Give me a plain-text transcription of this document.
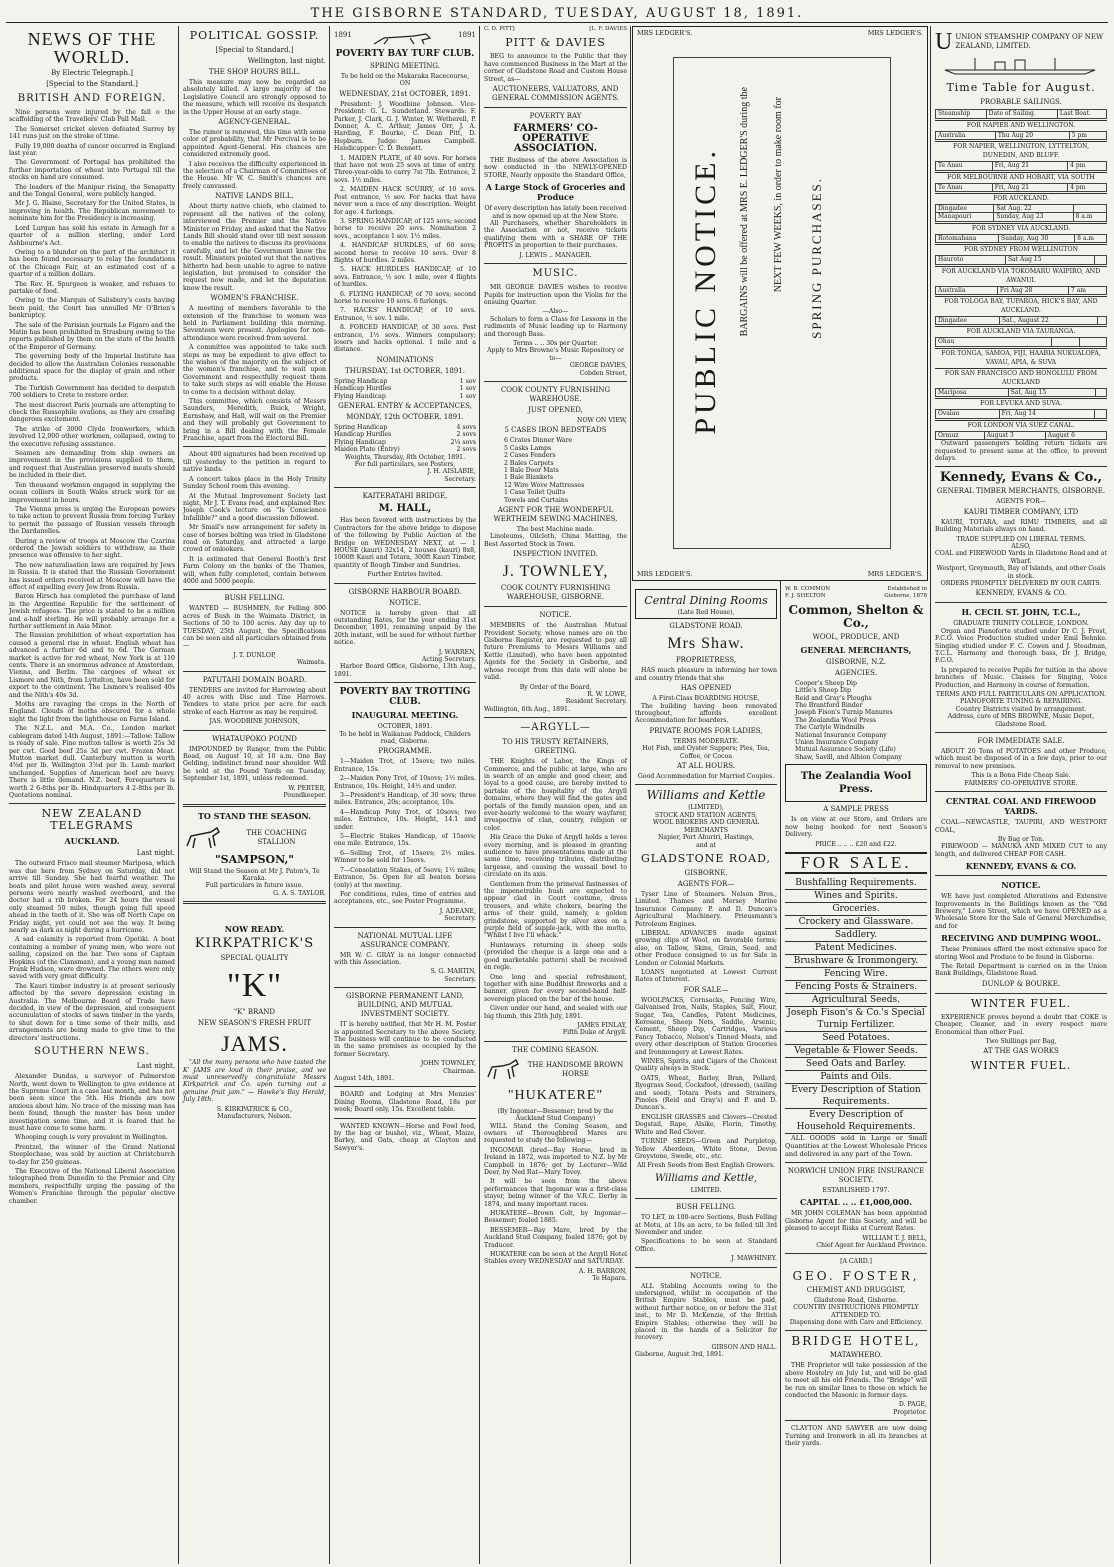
THE GISBORNE STANDARD, TUESDAY, AUGUST 18, 1891.
NEWS OF THE WORLD.
By Electric Telegraph.]
[Special to the Standard.]
BRITISH AND FOREIGN.

Nine persons were injured by the fall o the scaffolding of the Travellers' Club Pall Mall.

The Somerset cricket eleven defeated Surrey by 141 runs just on the stroke of time.

Fully 19,000 deaths of cancer occurred in England last year.

The Government of Portugal has prohibited the further importation of wheat into Portugal till the stocks on hand are consumed.

The leaders of the Manipur rising, the Senapatty and the Tongal General, were publicly hanged.

Mr J. G. Blaine, Secretary for the United States, is improving in health. The Republican movement to nominate him for the Presidency is increasing.

Lord Lurgan has sold his estate in Armagh for a quarter of a million sterling, under Lord Ashbourne's Act.

Owing to a blunder on the part of the architect it has been found necessary to relay the foundations of the Chicago Fair, at an estimated cost of a quarter of a million dollars.

The Rev. H. Spurgeon is weaker, and refuses to partake of food.

Owing to the Marquis of Salisbury's costs having been paid, the Court has annulled Mr O'Brien's bankruptcy.

The sale of the Parisian journals Le Figaro and the Matin has been prohibited in Strasburg owing to the reports published by them on the state of the health of the Emperor of Germany.

The governing body of the Imperial Institute has decided to allow the Australian Colonies reasonable additional space for the display of grain and other products.

The Turkish Government has decided to despatch 700 soldiers to Crete to restore order.

The most discreet Paris journals are attempting to check the Russophile ovations, as they are creating dangerous excitement.

The strike of 3000 Clyde Ironworkers, which involved 12,000 other workmen, collapsed, owing to the executive refusing assistance.

Seamen are demanding from ship owners an improvement in the provisions supplied to them, and request that Australian preserved meats should be included in their diet.

Ten thousand workmen engaged in supplying the ocean colliers in South Wales struck work for an improvement in hours.

The Vienna press is urging the European powers to take action to prevent Russia from forcing Turkey to permit the passage of Russian vessels through the Dardanelles.

During a review of troops at Moscow the Czarina ordered the Jewish soldiers to withdraw, as their presence was offensive to her sight.

The new naturalisation laws are required by Jews in Russia. It is stated that the Russian Government has issued orders received at Moscow will have the effect of expelling every Jew from Russia.

Baron Hirsch has completed the purchase of land in the Argentine Republic for the settlement of Jewish refugees. The price is stated to be a million and a-half sterling. He will probably arrange for a further settlement in Asia Minor.

The Russian prohibition of wheat exportation has caused a general rise in wheat. English wheat has advanced a further 6d and to 6d. The German market is active for red wheat, New York is at 110 cents. There is an enormous advance at Amsterdam, Vienna, and Berlin. The cargoes of wheat ex Lismore and Nith, from Lyttelton, have been sold for export to the continent. The Lismore's realised 40s and the Nith's 40s 3d.

Moths are ravaging the crops in the North of England. Clouds of moths obscured for a whole night the light from the lighthouse on Farne Island.

The N.Z.L. and M.A. Co., London market cablegram dated 14th August, 1891:—Tallow: Tallow is ready of sale. Fine mutton tallow is worth 25s 3d per cwt. Good beef 25s 3d per cwt. Frozen Meat. Mutton market dull. Canterbury mutton is worth 4⅝d per lb. Wellington 3⅞d per lb. Lamb market unchanged. Supplies of American beef are heavy. There is little demand. N.Z. beef, Forequarters is worth 2 6-8ths per lb. Hindquarters 4 2-8ths per lb. Quotations nominal.

NEW ZEALAND TELEGRAMS
AUCKLAND.
Last night.

The outward Frisco mail steamer Mariposa, which was due here from Sydney on Saturday, did not arrive till Sunday. She had fearful weather. The boats and pilot house were washed away, several persons were nearly washed overboard, and the doctor had a rib broken. For 24 hours the vessel only steamed 50 miles, though going full speed ahead in the teeth of it. She was off North Cape on Friday night, yet could not see the way. It being nearly as dark as night during a hurricane.

A sad calamity is reported from Opotiki. A boat containing a number of young men, who were out sailing, capsized on the bar. Two sons of Captain Hopkins (of the Clansman), and a young man named Frank Hudson, were drowned. The others were only saved with very great difficulty.

The Kauri timber industry is at present seriously affected by the severe depression existing in Australia. The Melbourne Board of Trade have decided, in view of the depression, and consequent accumulation of stocks of sawn timber in the yards, to shut down for a time some of their mills, and arrangements are being made to give time to the directors' instructions.

SOUTHERN NEWS.
Last night.

Alexander Dundas, a surveyor of Palmerston North, went down to Wellington to give evidence at the Supreme Court in a case last month, and has not been seen since the 5th. His friends are now anxious about him. No trace of the missing man has been found, though the master has been under investigation some time, and it is feared that he must have come to some harm.

Whooping cough is very prevalent in Wellington.

Prentzel, the winner of the Grand National Steeplechase, was sold by auction at Christchurch to-day for 250 guineas.

The Executive of the National Liberal Association telegraphed from Dunedin to the Premier and City members, respectfully urging the passing of the Women's Franchise through the popular elective chamber.

POLITICAL GOSSIP.
[Special to Standard.]
Wellington, last night.
THE SHOP HOURS BILL.

This measure may now be regarded as absolutely killed. A large majority of the Legislative Council are strongly opposed to the measure, which will receive its despatch in the Upper House at an early stage.

AGENCY-GENERAL.

The rumor is renewed, this time with some color of probability, that Mr Percival is to be appointed Agent-General. His chances are considered extremely good.

I also receives the difficulty experienced in the selection of a Chairman of Committees of the House. Mr W. C. Smith's chances are freely canvassed.

NATIVE LANDS BILL.

About thirty native chiefs, who claimed to represent all the natives of the colony, interviewed the Premier and the Native Minister on Friday, and asked that the Native Lands Bill should stand over till next session to enable the natives to discuss its provisions carefully, and let the Government know the result. Ministers pointed out that the natives hitherto had been unable to agree to native legislation, but promised to consider the request now made, and let the deputation know the result.

WOMEN'S FRANCHISE.

A meeting of members favorable to the extension of the franchise to women was held in Parliament building this morning. Seventeen were present. Apologies for non-attendance were received from several.

A committee was appointed to take such steps as may be expedient to give effect to the wishes of the majority on the subject of the women's franchise, and to wait upon Government and respectfully request them to take such steps as will enable the House to come to a decision without delay.

This committee, which consists of Messrs Saunders, Meredith, Buick, Wright, Earnshaw, and Hall, will wait on the Premier and they will probably get Government to bring in a Bill dealing with the Female Franchise, apart from the Electoral Bill.

About 400 signatures had been received up till yesterday to the petition in regard to native lands.

A concert takes place in the Holy Trinity Sunday School room this evening.

At the Mutual Improvement Society last night, Mr J. T. Evans read, and explained Rev. Joseph Cook's lecture on "Is Conscience Infallible?" and a good discussion followed.

Mr Smail's new arrangement for safety in case of horses bolting was tried in Gladstone road on Saturday, and attracted a large crowd of onlookers.

It is estimated that General Booth's first Farm Colony on the banks of the Thames, will, when fully completed, contain between 4000 and 5000 people.

BUSH FELLING.

WANTED — BUSHMEN, for Felling 800 acres of Bush in the Waimata District, in Sections of 50 to 100 acres. Any day up to TUESDAY, 25th August, the Specifications can be seen and all particulars obtained from—

J. T. DUNLOP,
Waimata.
PATUTAHI DOMAIN BOARD.

TENDERS are invited for Harrowing about 40 acres with Disc and Tine Harrows. Tenders to state price per acre for each stroke of each Harrow as may be required.

JAS. WOODBINE JOHNSON,
WHATAUPOKO POUND

IMPOUNDED by Ranger, from the Public Road, on August 10, at 10 a.m. One Bay Gelding, indistinct brand near shoulder. Will be sold at the Pound Yards on Tuesday, September 1st, 1891, unless redeemed.

W. PERTER,
Poundkeeper.
TO STAND THE SEASON.
THE COACHING STALLION
"SAMPSON,"
Will Stand the Season at Mr J. Paton's, Te Karaka.
Full particulars in future issue.
G. A. S. TAYLOR.
NOW READY.
KIRKPATRICK'S
SPECIAL QUALITY
"K"
"K" BRAND
NEW SEASON'S FRESH FRUIT
JAMS.

"All the many persons who have tasted the K' JAMS are loud in their praise, and we must unreservedly congratulate Messrs Kirkpatrick and Co. upon turning out a genuine fruit jam." — Hawke's Bay Herald, July 18th.

S. KIRKPATRICK & CO.,
Manufacturers, Nelson.
1891	1891
POVERTY BAY TURF CLUB.
SPRING MEETING.
To be held on the Makaraka Racecourse,
ON
WEDNESDAY, 21st OCTOBER, 1891.

President: J. Woodbine Johnson. Vice-President: G. L. Sunderland. Stewards: F. Parker, J. Clark, G. J. Winter, W. Wetherell, P. Donner, A. C. Arthur, James Orr, J. A. Harding, F. Bourke, C. Dean Pitt, D. Hepburn. Judge: James Campbell. Handicapper: C. D. Bennett.

1. MAIDEN PLATE, of 40 sovs. For horses that have not won 25 sovs at time of entry. Three-year-olds to carry 7st 7lb. Entrance, 2 sovs. 1½ miles.

2. MAIDEN HACK SCURRY, of 10 sovs. Post entrance, ½ sov. For hacks that have never won a race of any description. Weight for age. 4 furlongs.

3. SPRING HANDICAP, of 125 sovs; second horse to receive 20 sovs. Nomination 2 sovs., acceptance 1 sov. 1½ miles.

4. HANDICAP HURDLES, of 60 sovs; second horse to receive 10 sovs. Over 8 flights of hurdles. 2 miles.

5. HACK HURDLES HANDICAP, of 10 sovs. Entrance, ½ sov. 1 mile, over 4 flights of hurdles.

6. FLYING HANDICAP, of 70 sovs; second horse to receive 10 sovs. 6 furlongs.

7. HACKS' HANDICAP, of 10 sovs. Entrance, ½ sov. 1 mile.

8. FORCED HANDICAP, of 30 sovs. Post entrance, 1½ sovs. Winners compulsory; losers and hacks optional. 1 mile and a distance.

NOMINATIONS
THURSDAY, 1st OCTOBER, 1891.
Spring Handicap	1 sov
Handicap Hurdles	1 sov
Flying Handicap	1 sov
GENERAL ENTRY & ACCEPTANCES,
MONDAY, 12th OCTOBER, 1891.
Spring Handicap	4 sovs
Handicap Hurdles	2 sovs
Flying Handicap	2¼ sovs
Maiden Plate (Entry)	2 sovs
Weights, Thursday, 8th October, 1891.
For full particulars, see Posters,
J. H. AISLABIE,
Secretary.
KAITERATAHI BRIDGE,
M. HALL,

Has been favored with instructions by the Contractors for the above bridge to dispose of the following by Public Auction at the Bridge on WEDNESDAY NEXT, at — 1 HOUSE (kauri) 32x14, 2 houses (kauri) 8x8, 1000ft Kauri and Totara, 300ft Kauri Timber, quantity of Rough Timber and Sundries.

Further Entries Invited.
GISBORNE HARBOUR BOARD.
NOTICE.

NOTICE is hereby given that all outstanding Rates, for the year ending 31st December, 1891, remaining unpaid by the 20th instant, will be sued for without further notice.

J. WARREN,
Acting Secretary.

Harbor Board Office, Gisborne, 13th Aug., 1891.

POVERTY BAY TROTTING CLUB.
INAUGURAL MEETING.
OCTOBER, 1891.
To be held in Waikanae Paddock, Childers road, Gisborne.
PROGRAMME.

1—Maiden Trot, of 15sovs; two miles. Entrance, 15s.

2—Maiden Pony Trot, of 10sovs; 1½ miles. Entrance, 10s. Height, 14½ and under.

3—President's Handicap, of 30 sovs; three miles. Entrance, 20s; acceptance, 10s.

4—Handicap Pony Trot, of 10sovs; two miles. Entrance, 10s. Height, 14.1 and under.

5—Electric Stakes Handicap, of 15sovs; one mile. Entrance, 15s.

6—Selling Trot, of 15sovs; 2½ miles. Winner to be sold for 15sovs.

7—Consolation Stakes, of 5sovs; 1½ miles; Entrance, 5s. Open for all beaten horses (only) at the meeting.

For conditions, rules, time of entries and acceptances, etc., see Poster Programme.

J. ADEANE,
Secretary.
NATIONAL MUTUAL LIFE ASSURANCE COMPANY.

MR W. C. GRAY is no longer connected with this Association.

S. G. MARTIN,
Secretary.
GISBORNE PERMANENT LAND, BUILDING, AND MUTUAL INVESTMENT SOCIETY.

IT is hereby notified, that Mr H. M. Foster is appointed Secretary to the above Society. The business will continue to be conducted in the same premises as occupied by the former Secretary.

JOHN TOWNLEY,
Chairman.
August 14th, 1891.

BOARD and Lodging at Mrs Menzies' Dining Rooms, Gladstone Road, 18s per week; Board only, 15s. Excellent table.

WANTED KNOWN—Horse and Fowl feed, by the bag or bushel, viz., Wheat, Maize, Barley, and Oats, cheap at Clayton and Sawyer's.

C. D. PITT]	[L. F. DAVIES
PITT & DAVIES

BEG to announce to the Public that they have commenced Business in the Mart at the corner of Gladstone Road and Custom House Street, as—

AUCTIONEERS, VALUATORS, AND GENERAL COMMISSION AGENTS.
POVERTY BAY
FARMERS' CO-OPERATIVE ASSOCIATION.

THE Business of the above Association is now conducted in the NEWLY-OPENED STORE, Nearly opposite the Standard Office,

A Large Stock of Groceries and Produce
Of every description has lately been received and is now opened up at the New Store.

All Purchasers, whether Shareholders in the Association or not, receive tickets qualifying them with a SHARE OF THE PROFITS in proportion to their purchases.

J. LEWIS .. MANAGER.
MUSIC.

MR GEORGE DAVIES wishes to receive Pupils for instruction upon the Violin for the ensuing Quarter.

—Also—

Scholars to form a Class for Lessons in the rudiments of Music leading up to Harmony and thorough Bass.

Terms .. .. 30s per Quarter.
Apply to Mrs Browne's Music Repository or to—
GEORGE DAVIES,
Cobden Street,
COOK COUNTY FURNISHING WAREHOUSE.
JUST OPENED,
NOW ON VIEW,
5 CASES IRON BEDSTEADS
6 Crates Dinner Ware
5 Casks Lamps
2 Cases Fenders
2 Bales Carpets
1 Bale Door Mats
1 Bale Blankets
12 Wire Wove Mattresses
1 Case Toilet Quilts
Towels and Curtains
AGENT FOR THE WONDERFUL WERTHEIM SEWING MACHINES,
The best Machine made.

Linoleums, Oilcloth, China Matting, the Best Assorted Stock in Town.

INSPECTION INVITED.
J. TOWNLEY,
COOK COUNTY FURNISHING WAREHOUSE, GISBORNE.
NOTICE.

MEMBERS of the Australian Mutual Provident Society, whose names are on the Gisborne Register, are requested to pay all future Premiums to Messrs Williams and Kettle (Limited), who have been appointed Agents for the Society in Gisborne, and whose receipt from this date will alone be valid.

By Order of the Board,
R. W. LOWE,
Resident Secretary.
Wellington, 6th Aug., 1891.
—ARGYLL—
TO HIS TRUSTY RETAINERS, GREETING.

THE Knights of Labor, the Kings of Commerce, and the public at large, who are in search of an ample and good cheer, and loyal to a good cause, are hereby invited to partake of the hospitality of the Argyll domains, where they will find the gates and portals of the family mansion open, and an ever-hearty welcome to the weary wayfarer, irrespective of clan, country, religion or color.

His Grace the Duke of Argyll holds a levee every morning, and is pleased in granting audience to have presentations made at the same time, receiving tributes, distributing largesse, and causing the wassail bowl to circulate on its axis.

Gentlemen from the primeval fastnesses of the impenetrable bush are expected to appear clad in Court costume, dress trousers, and white chokers, bearing the arms of their guild, namely, a golden grindstone, supported by silver axes on a purple field of supple-jack, with the motto, "Whilst I live I'll whack."

Huntaways returning in sheep soils (provided the cheque is a large one and a good marketable pattern) shall be received en regle.

One long and special refreshment, together with nine Buddhist fireworks and a banner, given for every second-hand half-sovereign placed on the bar of the house.

Given under our hand, and sealed with our big thumb, this 25th July, 1891.

JAMES FINLAY,
Fifth Duke of Argyll.
THE COMING SEASON.
THE HANDSOME BROWN HORSE
"HUKATERE"
(By Ingomar—Bessemer; bred by the Auckland Stud Company)

WILL Stand the Coming Season, and owners of Thoroughbred Mares are requested to study the following—

INGOMAR (bred—Bay Horse, bred in Ireland in 1872, was imported to N.Z. by Mr Campbell in 1876; got by Lecturer—Wild Deer, by Ned Rat—Mary Tovey.

It will be seen from the above performances that Ingomar was a first-class stayer, being winner of the V.R.C. Derby in 1874, and many important races.

HUKATERE—Brown Colt, by Ingomar—Bessemer; foaled 1885.

BESSEMER—Bay Mare, bred by the Auckland Stud Company, foaled 1876; got by Traducer.

HUKATERE can be seen at the Argyll Hotel Stables every WEDNESDAY and SATURDAY.

A. H. BARRON,
Te Hapara.
MRS LEDGER'S.	MRS LEDGER'S.
MRS LEDGER'S.	MRS LEDGER'S.
PUBLIC NOTICE. BARGAINS will be offered at MRS E. LEDGER'S during the NEXT FEW WEEKS, in order to make room for SPRING PURCHASES.
Central Dining Rooms
(Late Red House),
GLADSTONE ROAD.
Mrs Shaw.
PROPRIETRESS,

HAS much pleasure in informing her town and country friends that she

HAS OPENED
A First-Class BOARDING HOUSE,

The building having been renovated throughout, affords excellent Accommodation for boarders.

PRIVATE ROOMS FOR LADIES,
TERMS MODERATE.
Hot Fish, and Oyster Suppers; Pies, Tea, Coffee, or Cocoa
AT ALL HOURS.
Good Accommodation for Married Couples.
Williams and Kettle
(LIMITED),
STOCK AND STATION AGENTS,
WOOL BROKERS AND GENERAL MERCHANTS
Napier, Port Ahuriri, Hastings,
and at
GLADSTONE ROAD,
GISBORNE.
AGENTS FOR—

Tyser Line of Steamers. Nelson Bros., Limited. Thames and Mersey Marine Insurance Company. P. and D. Duncan's Agricultural Machinery. Prieusmann's Petroleum Engines.

LIBERAL ADVANCES made against growing clips of Wool, on favorable terms; also, on Tallow, Skins, Grain, Seed, and other Produce consigned to us for Sale in London or Colonial Markets.

LOANS negotiated at Lowest Current Rates of Interest.

FOR SALE—

WOOLPACKS, Cornsacks, Fencing Wire, Galvanised Iron, Nails, Staples, Salt, Flour, Sugar, Tea, Candles, Patent Medicines, Kerosene, Sheep Nets, Saddle, Arsenic, Cement, Sheep Dip, Cartridges, Various Fancy Tobacco, Nelson's Tinned Meats, and every other description of Station Groceries and Ironmongery at Lowest Rates.

WINES, Spirits, and Cigars of the Choicest Quality always in Stock.

OATS, Wheat, Barley, Bran, Pollard, Ryegrass Seed, Cocksfoot, (dressed), (sailing and seed), Totara Posts and Strainers, Pinoles (Reid and Gray's) and P. and D. Duncan's.

ENGLISH GRASSES and Clovers—Crested Dogstail, Rape, Alsike, Florin, Timothy, White and Red Clover.

TURNIP SEEDS—Green and Purpletop, Yellow Aberdeen, White Stone, Devon Greystone, Swede, etc., etc.

All Fresh Seeds from Best English Growers.
Williams and Kettle,
LIMITED.
BUSH FELLING.

TO LET, in 100-acre Sections, Bush Felling at Motu, at 10s an acre, to be felled till 3rd November and under.

Specifications to be seen at Standard Office.

J. MAWHINEY.
NOTICE.

ALL Stabling Accounts owing to the undersigned, whilst in occupation of the British Empire Stables, must be paid, without further notice, on or before the 31st inst., to Mr D. McKenzie, of the British Empire Stables; otherwise they will be placed in the hands of a Solicitor for recovery.

GIBSON AND HALL.
Gisborne, August 3rd, 1891.
W. B. COMMON
F. J. SHELTON
Established in Gisborne, 1878
Common, Shelton & Co.,
WOOL, PRODUCE, AND
GENERAL MERCHANTS,
GISBORNE, N.Z.
AGENCIES.
Cooper's Sheep Dip
Little's Sheep Dip
Reid and Gray's Ploughs
The Brantford Binder
Joseph Fison's Turnip Manures
The Zealandia Wool Press
The Carlyle Windmills
National Insurance Company
Union Insurance Company
Mutual Assurance Society (Life)
Shaw, Savill, and Albion Company
The Zealandia Wool Press.
A SAMPLE PRESS

Is on view at our Store, and Orders are now being booked for next Season's Delivery.

PRICE .. .. .. £20 and £22.
FOR SALE.
Bushfalling Requirements.
Wines and Spirits.
Groceries.
Crockery and Glassware.
Saddlery.
Patent Medicines.
Brushware & Ironmongery.
Fencing Wire.
Fencing Posts & Strainers.
Agricultural Seeds.
Joseph Fison's & Co.'s Special Turnip Fertilizer.
Seed Potatoes.
Vegetable & Flower Seeds.
Seed Oats and Barley.
Paints and Oils.
Every Description of Station Requirements.
Every Description of Household Requirements.

ALL GOODS sold in Large or Small Quantities at the Lowest Wholesale Prices and delivered in any part of the Town.

NORWICH UNION FIRE INSURANCE SOCIETY.
ESTABLISHED 1797.
CAPITAL .. .. £1,000,000.

MR JOHN COLEMAN has been appointed Gisborne Agent for this Society, and will be pleased to accept Risks at Current Rates.

WILLIAM T. J. BELL,
Chief Agent for Auckland Province.
[A CARD.]
GEO. FOSTER,
CHEMIST AND DRUGGIST,
Gladstone Road, Gisborne.
COUNTRY INSTRUCTIONS PROMPTLY ATTENDED TO.
Dispensing done with Care and Efficiency.
BRIDGE HOTEL,
MATAWHERO.

THE Proprietor will take possession of the above Hostelry on July 1st, and will be glad to meet all his old Friends. The "Bridge" will be run on similar lines to those on which he conducted the Masonic in former days.

D. PAGE,
Proprietor.

CLAYTON AND SAWYER are now doing Turning and Ironwork in all its branches at their yards.

U UNION STEAMSHIP COMPANY OF NEW ZEALAND, LIMITED.
Time Table for August.
PROBABLE SAILINGS.
Steamship	Date of Sailing.	Last Boat.
FOR NAPIER AND WELLINGTON.
Australia	Thu Aug 20	5 pm
FOR NAPIER, WELLINGTON, LYTTELTON, DUNEDIN, AND BLUFF.
Te Anau	Fri, Aug 21	4 pm
FOR MELBOURNE AND HOBART, VIA SOUTH
Te Anau	Fri, Aug 21	4 pm
FOR AUCKLAND.
Dingadee	Sat Aug. 22	
Manapouri	Sunday, Aug 23	8 a.m
FOR SYDNEY VIA AUCKLAND.
Rotomahana	Sunday, Aug 30	8 a.m
FOR SYDNEY FROM WELLINGTON
Hauroto	Sat Aug 15	
FOR AUCKLAND VIA TOKOMARU WAIPIRO, AND AWANUI.
Australia	Fri Aug 28	7 am
FOR TOLOGA BAY, TUPAROA, HICK'S BAY, AND AUCKLAND.
Dingadee	Sat., August 22	
FOR AUCKLAND VIA TAURANGA.
Ohau		
FOR TONGA, SAMOA, FIJI, HAABIA NUKUALOFA, VAVAU, APIA, & SUVA
FOR SAN FRANCISCO AND HONOLULU FROM AUCKLAND
Mariposa	Sat, Aug 15	
FOR LEVUKA AND SUVA.
Ovalau	Fri, Aug 14	
FOR LONDON VIA SUEZ CANAL.
Ormuz	August 3	August 6

Outward passengers holding return tickets are requested to present same at the office, to prevent delays.

Kennedy, Evans & Co.,
GENERAL TIMBER MERCHANTS, GISBORNE.
AGENTS FOR—
KAURI TIMBER COMPANY, LTD

KAURI, TOTARA, and RIMU TIMBERS, and all Building Materials always on hand.

TRADE SUPPLIED ON LIBERAL TERMS.
ALSO,
COAL and FIREWOOD Yards in Gladstone Road and at Wharf.
Westport, Greymouth, Bay of Islands, and other Coals in stock.
ORDERS PROMPTLY DELIVERED BY OUR CARTS.
KENNEDY, EVANS & CO.
H. CECIL ST. JOHN, T.C.L.,
GRADUATE TRINITY COLLEGE, LONDON.

Organ and Pianoforte studied under Dr C. J. Frost, F.C.O. Voice Production studied under Emil Behnke. Singing studied under F. C. Cowen and J. Steadman, T.C.L. Harmony and thorough bass, Dr J. Bridge, F.C.O.

Is prepared to receive Pupils for tuition in the above branches of Music. Classes for Singing, Voice Production, and Harmony in course of formation.

TERMS AND FULL PARTICULARS ON APPLICATION.
PIANOFORTE TUNING & REPAIRING.
Country Districts visited by arrangement.
Address, care of MRS BROWNE, Music Depot, Gladstone Road.
FOR IMMEDIATE SALE.

ABOUT 20 Tons of POTATOES and other Produce, which must be disposed of in a few days, prior to our removal to new premises.

This is a Bona Fide Cheap Sale.
FARMERS' CO-OPERATIVE STORE.
CENTRAL COAL AND FIREWOOD YARDS.

COAL—NEWCASTLE, TAUPIRI, AND WESTPORT COAL,

By Bag or Ton.

FIREWOOD — MANUKA AND MIXED CUT to any length, and delivered CHEAP FOR CASH.

KENNEDY, EVANS & CO.
NOTICE.

WE have just completed Alterations and Extensive Improvements in the Buildings known as the "Old Brewery," Lowe Street, which we have OPENED as a Wholesale Store for the Sale of General Merchandise, and for

RECEIVING AND DUMPING WOOL.

These Premises afford the most extensive space for storing Wool and Produce to be found in Gisborne.

The Retail Department is carried on in the Union Bank Buildings, Gladstone Road.

DUNLOP & BOURKE.
WINTER FUEL.

EXPERIENCE proves beyond a doubt that COKE is Cheaper, Cleaner, and in every respect more Economical than other Fuel.

Two Shillings per Bag,
AT THE GAS WORKS
WINTER FUEL.
